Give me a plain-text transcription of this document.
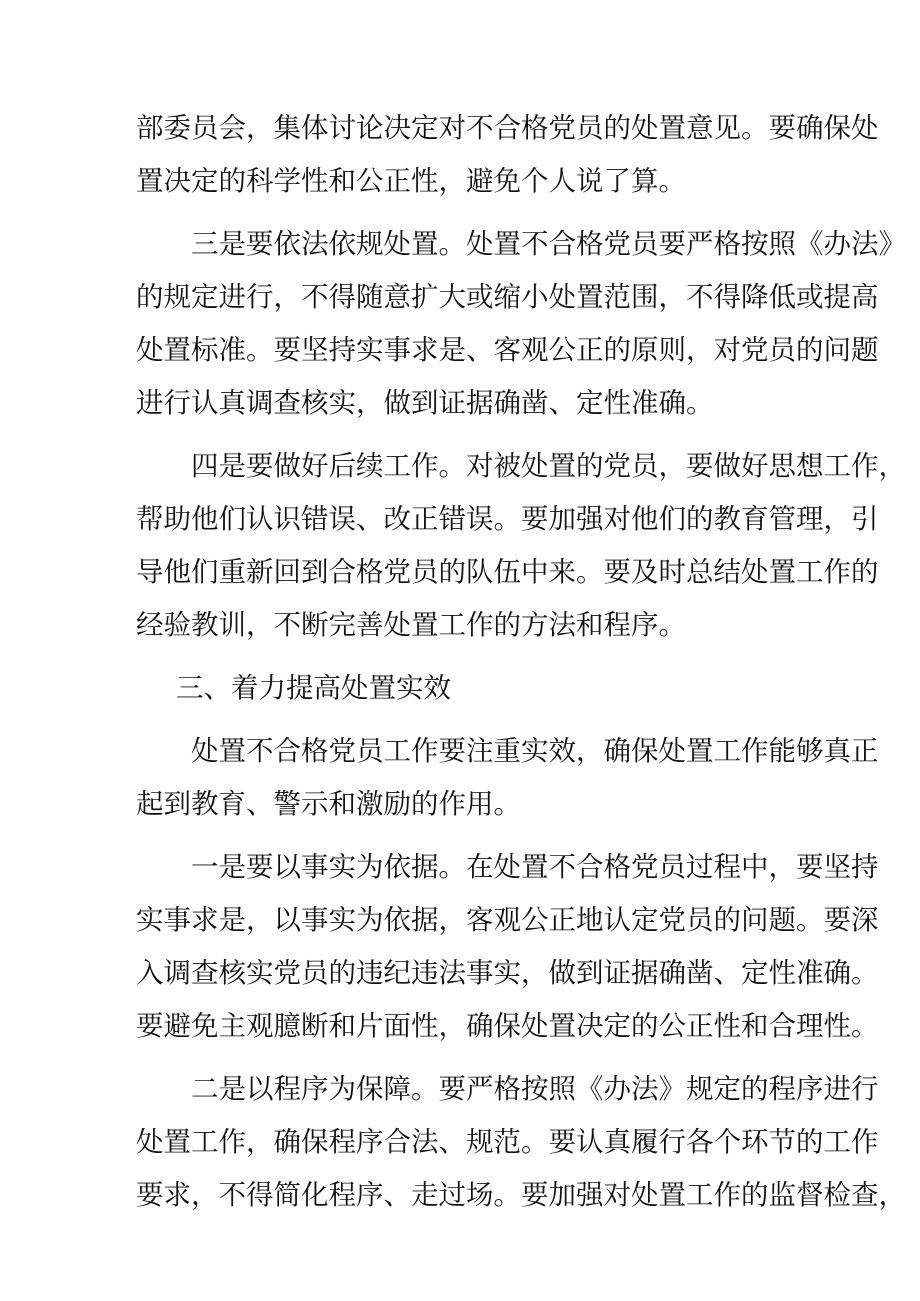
部委员会，集体讨论决定对不合格党员的处置意见。要确保处
置决定的科学性和公正性，避免个人说了算。

三是要依法依规处置。处置不合格党员要严格按照《办法》
的规定进行，不得随意扩大或缩小处置范围，不得降低或提高
处置标准。要坚持实事求是、客观公正的原则，对党员的问题
进行认真调查核实，做到证据确凿、定性准确。

四是要做好后续工作。对被处置的党员，要做好思想工作，
帮助他们认识错误、改正错误。要加强对他们的教育管理，引
导他们重新回到合格党员的队伍中来。要及时总结处置工作的
经验教训，不断完善处置工作的方法和程序。

三、着力提高处置实效

处置不合格党员工作要注重实效，确保处置工作能够真正
起到教育、警示和激励的作用。

一是要以事实为依据。在处置不合格党员过程中，要坚持
实事求是，以事实为依据，客观公正地认定党员的问题。要深
入调查核实党员的违纪违法事实，做到证据确凿、定性准确。
要避免主观臆断和片面性，确保处置决定的公正性和合理性。

二是以程序为保障。要严格按照《办法》规定的程序进行
处置工作，确保程序合法、规范。要认真履行各个环节的工作
要求，不得简化程序、走过场。要加强对处置工作的监督检查，
